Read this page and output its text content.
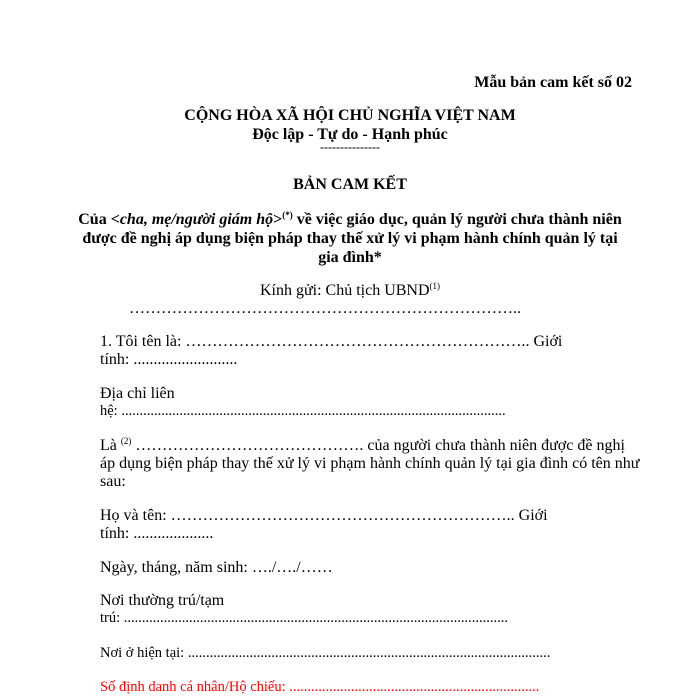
Mẫu bản cam kết số 02
CỘNG HÒA XÃ HỘI CHỦ NGHĨA VIỆT NAM
Độc lập - Tự do - Hạnh phúc
---------------
BẢN CAM KẾT
Của <cha, mẹ/người giám hộ>(*) về việc giáo dục, quản lý người chưa thành niên
được đề nghị áp dụng biện pháp thay thế xử lý vi phạm hành chính quản lý tại
gia đình*
Kính gửi: Chủ tịch UBND$^{(1)}$
………………………………………………………………..
1. Tôi tên là: ……………………………………………………….. Giới
tính: ..........................
Địa chỉ liên
hệ: ..........................................................................................................
Là $^{(2)}$ ……………………………………. của người chưa thành niên được đề nghị
áp dụng biện pháp thay thế xử lý vi phạm hành chính quản lý tại gia đình có tên như
sau:
Họ và tên: ……………………………………………………….. Giới
tính: ....................
Ngày, tháng, năm sinh: …./…./……
Nơi thường trú/tạm
trú: ..........................................................................................................
Nơi ở hiện tại: ....................................................................................................
Số định danh cá nhân/Hộ chiếu: .....................................................................
